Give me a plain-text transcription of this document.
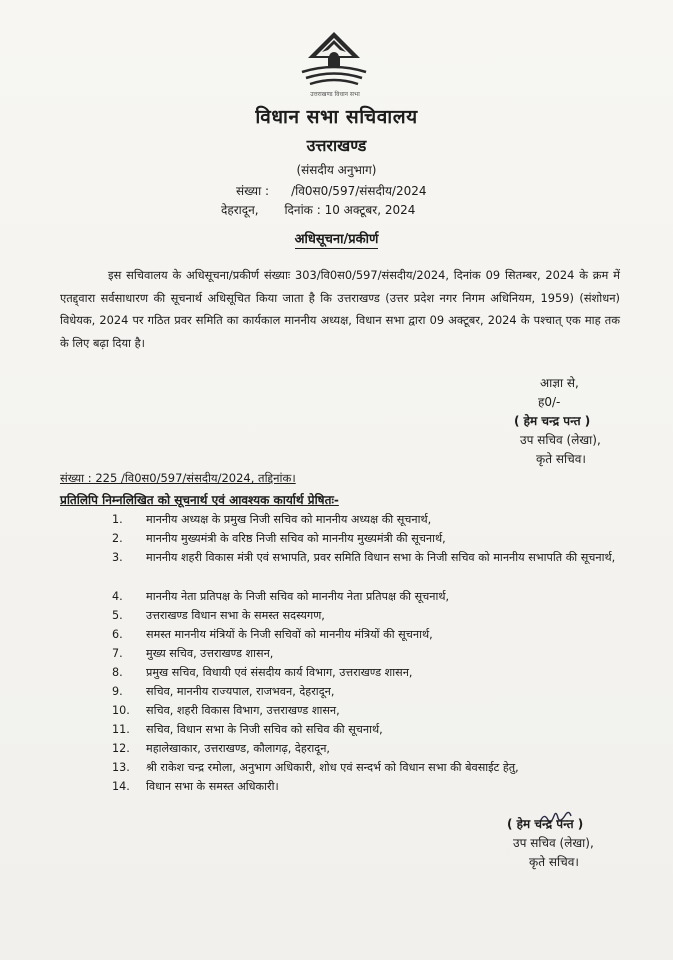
उत्तराखण्ड विधान सभा
विधान सभा सचिवालय
उत्तराखण्ड
(संसदीय अनुभाग)
संख्या : /वि0स0/597/संसदीय/2024
देहरादून, दिनांक : 10 अक्टूबर, 2024
अधिसूचना/प्रकीर्ण
इस सचिवालय के अधिसूचना/प्रकीर्ण संख्याः 303/वि0स0/597/संसदीय/2024, दिनांक 09 सितम्बर, 2024 के क्रम में एतद्द्वारा सर्वसाधारण की सूचनार्थ अधिसूचित किया जाता है कि उत्तराखण्ड (उत्तर प्रदेश नगर निगम अधिनियम, 1959) (संशोधन) विधेयक, 2024 पर गठित प्रवर समिति का कार्यकाल माननीय अध्यक्ष, विधान सभा द्वारा 09 अक्टूबर, 2024 के पश्चात् एक माह तक के लिए बढ़ा दिया है।
आज्ञा से,
ह0/-
( हेम चन्द्र पन्त )
उप सचिव (लेखा),
कृते सचिव।
संख्या : 225 /वि0स0/597/संसदीय/2024, तद्दिनांक।
प्रतिलिपि निम्नलिखित को सूचनार्थ एवं आवश्यक कार्यार्थ प्रेषितः-
1.	माननीय अध्यक्ष के प्रमुख निजी सचिव को माननीय अध्यक्ष की सूचनार्थ,
2.	माननीय मुख्यमंत्री के वरिष्ठ निजी सचिव को माननीय मुख्यमंत्री की सूचनार्थ,
3.	माननीय शहरी विकास मंत्री एवं सभापति, प्रवर समिति विधान सभा के निजी सचिव को माननीय सभापति की सूचनार्थ,
4.	माननीय नेता प्रतिपक्ष के निजी सचिव को माननीय नेता प्रतिपक्ष की सूचनार्थ,
5.	उत्तराखण्ड विधान सभा के समस्त सदस्यगण,
6.	समस्त माननीय मंत्रियों के निजी सचिवों को माननीय मंत्रियों की सूचनार्थ,
7.	मुख्य सचिव, उत्तराखण्ड शासन,
8.	प्रमुख सचिव, विधायी एवं संसदीय कार्य विभाग, उत्तराखण्ड शासन,
9.	सचिव, माननीय राज्यपाल, राजभवन, देहरादून,
10.	सचिव, शहरी विकास विभाग, उत्तराखण्ड शासन,
11.	सचिव, विधान सभा के निजी सचिव को सचिव की सूचनार्थ,
12.	महालेखाकार, उत्तराखण्ड, कौलागढ़, देहरादून,
13.	श्री राकेश चन्द्र रमोला, अनुभाग अधिकारी, शोध एवं सन्दर्भ को विधान सभा की बेवसाईट हेतु,
14.	विधान सभा के समस्त अधिकारी।
( हेम चन्द्र पन्त )
उप सचिव (लेखा),
कृते सचिव।
